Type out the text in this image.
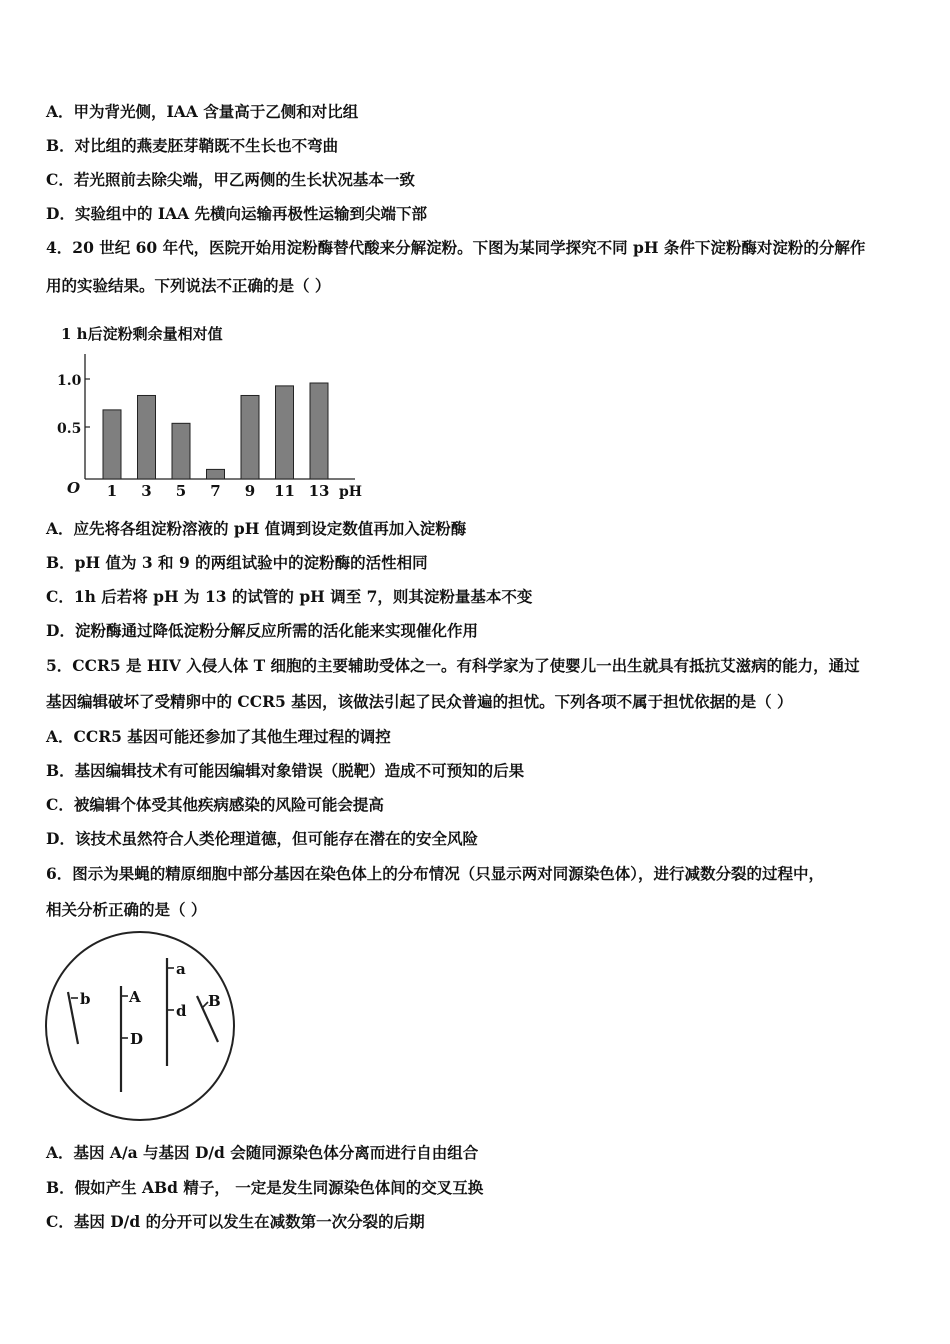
A．甲为背光侧，IAA 含量高于乙侧和对比组
B．对比组的燕麦胚芽鞘既不生长也不弯曲
C．若光照前去除尖端，甲乙两侧的生长状况基本一致
D．实验组中的 IAA 先横向运输再极性运输到尖端下部
4．20 世纪 60 年代，医院开始用淀粉酶替代酸来分解淀粉。下图为某同学探究不同 pH 条件下淀粉酶对淀粉的分解作
用的实验结果。下列说法不正确的是（ ）
1 h后淀粉剩余量相对值
O	pH
0.5
1.0
1 3 5 7 9 11 13
A．应先将各组淀粉溶液的 pH 值调到设定数值再加入淀粉酶
B．pH 值为 3 和 9 的两组试验中的淀粉酶的活性相同
C．1h 后若将 pH 为 13 的试管的 pH 调至 7，则其淀粉量基本不变
D．淀粉酶通过降低淀粉分解反应所需的活化能来实现催化作用
5．CCR5 是 HIV 入侵人体 T 细胞的主要辅助受体之一。有科学家为了使婴儿一出生就具有抵抗艾滋病的能力，通过
基因编辑破坏了受精卵中的 CCR5 基因，该做法引起了民众普遍的担忧。下列各项不属于担忧依据的是（ ）
A．CCR5 基因可能还参加了其他生理过程的调控
B．基因编辑技术有可能因编辑对象错误（脱靶）造成不可预知的后果
C．被编辑个体受其他疾病感染的风险可能会提高
D．该技术虽然符合人类伦理道德，但可能存在潜在的安全风险
6．图示为果蝇的精原细胞中部分基因在染色体上的分布情况（只显示两对同源染色体），进行减数分裂的过程中，
相关分析正确的是（ ）
b	A
D
a
d
B
A．基因 A/a 与基因 D/d 会随同源染色体分离而进行自由组合
B．假如产生 ABd 精子， 一定是发生同源染色体间的交叉互换
C．基因 D/d 的分开可以发生在减数第一次分裂的后期
